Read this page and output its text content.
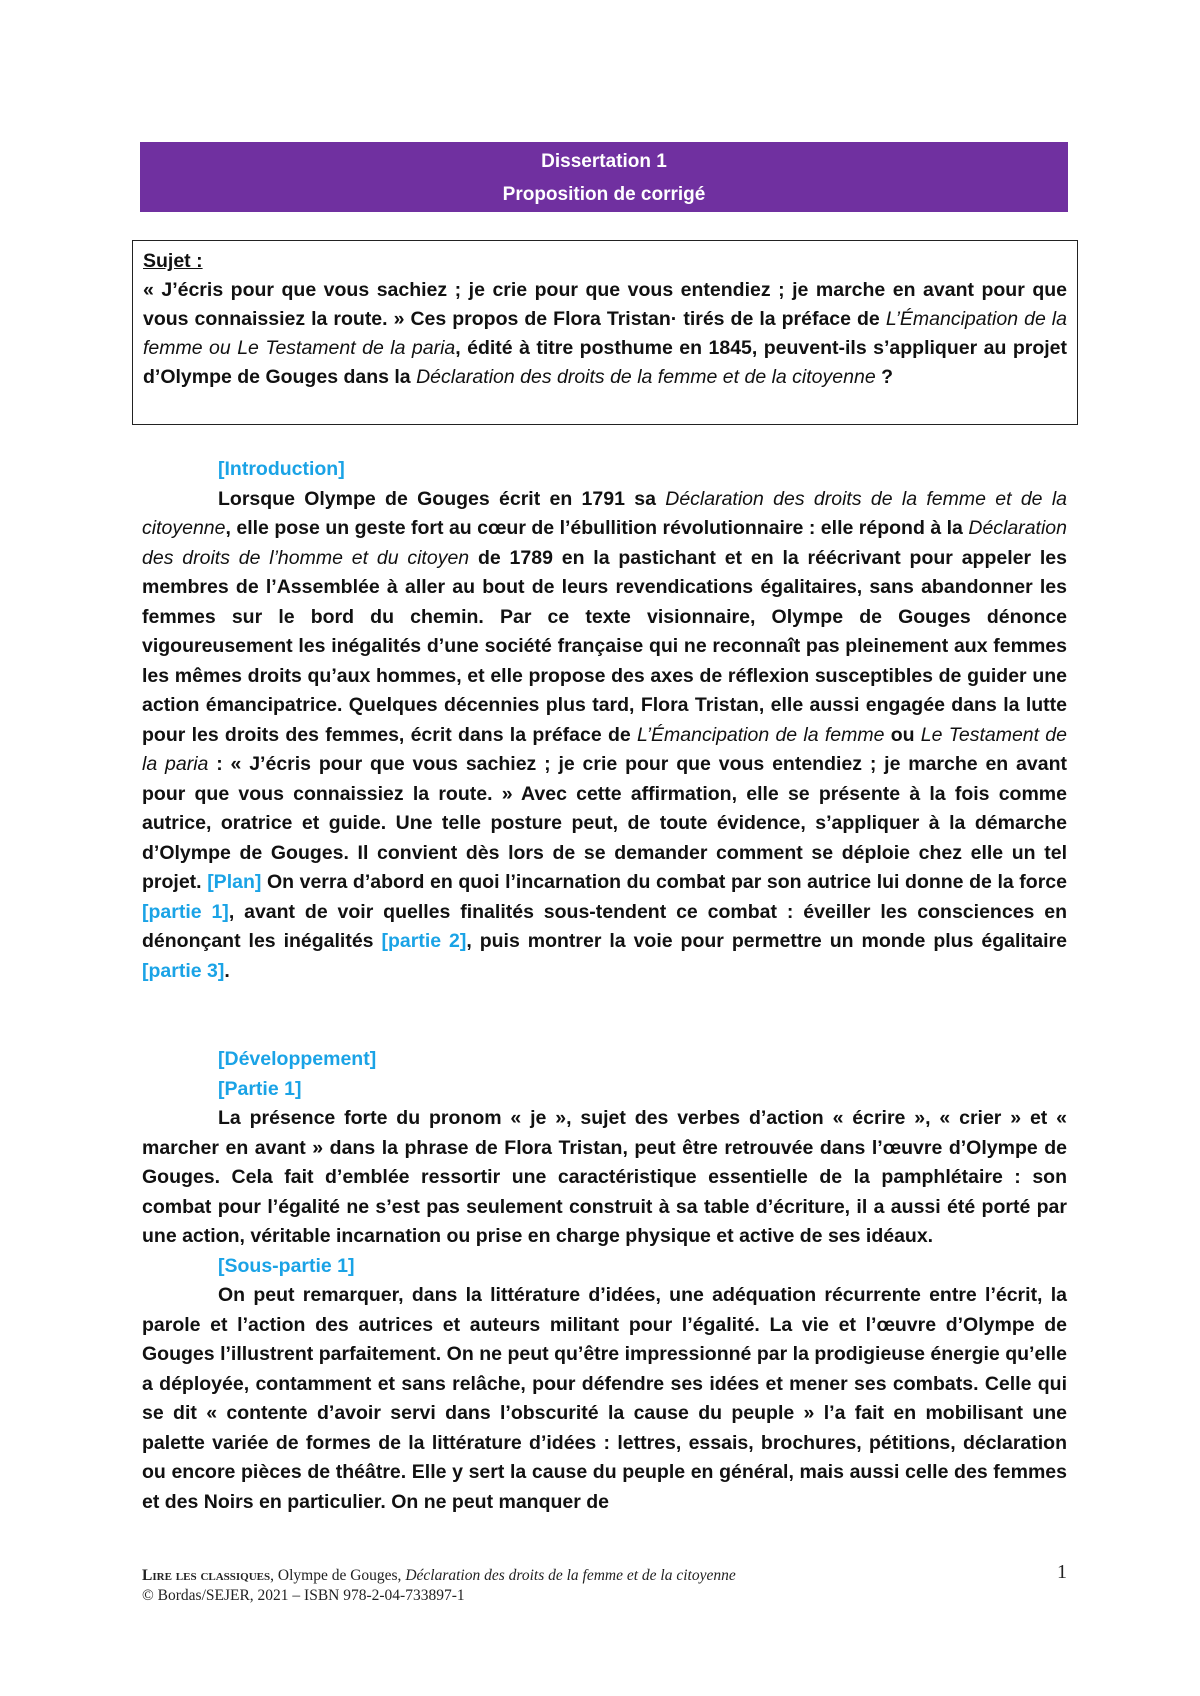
Dissertation 1
Proposition de corrigé
Sujet :
« J’écris pour que vous sachiez ; je crie pour que vous entendiez ; je marche en avant pour que vous connaissiez la route. » Ces propos de Flora Tristan· tirés de la préface de L’Émancipation de la femme ou Le Testament de la paria, édité à titre posthume en 1845, peuvent-ils s’appliquer au projet d’Olympe de Gouges dans la Déclaration des droits de la femme et de la citoyenne ?
[Introduction]

Lorsque Olympe de Gouges écrit en 1791 sa Déclaration des droits de la femme et de la citoyenne, elle pose un geste fort au cœur de l’ébullition révolutionnaire : elle répond à la Déclaration des droits de l’homme et du citoyen de 1789 en la pastichant et en la réécrivant pour appeler les membres de l’Assemblée à aller au bout de leurs revendications égalitaires, sans abandonner les femmes sur le bord du chemin. Par ce texte visionnaire, Olympe de Gouges dénonce vigoureusement les inégalités d’une société française qui ne reconnaît pas pleinement aux femmes les mêmes droits qu’aux hommes, et elle propose des axes de réflexion susceptibles de guider une action émancipatrice. Quelques décennies plus tard, Flora Tristan, elle aussi engagée dans la lutte pour les droits des femmes, écrit dans la préface de L’Émancipation de la femme ou Le Testament de la paria : « J’écris pour que vous sachiez ; je crie pour que vous entendiez ; je marche en avant pour que vous connaissiez la route. » Avec cette affirmation, elle se présente à la fois comme autrice, oratrice et guide. Une telle posture peut, de toute évidence, s’appliquer à la démarche d’Olympe de Gouges. Il convient dès lors de se demander comment se déploie chez elle un tel projet. [Plan] On verra d’abord en quoi l’incarnation du combat par son autrice lui donne de la force [partie 1], avant de voir quelles finalités sous-tendent ce combat : éveiller les consciences en dénonçant les inégalités [partie 2], puis montrer la voie pour permettre un monde plus égalitaire [partie 3].

[Développement]
[Partie 1]

La présence forte du pronom « je », sujet des verbes d’action « écrire », « crier » et « marcher en avant » dans la phrase de Flora Tristan, peut être retrouvée dans l’œuvre d’Olympe de Gouges. Cela fait d’emblée ressortir une caractéristique essentielle de la pamphlétaire : son combat pour l’égalité ne s’est pas seulement construit à sa table d’écriture, il a aussi été porté par une action, véritable incarnation ou prise en charge physique et active de ses idéaux.

[Sous-partie 1]

On peut remarquer, dans la littérature d’idées, une adéquation récurrente entre l’écrit, la parole et l’action des autrices et auteurs militant pour l’égalité. La vie et l’œuvre d’Olympe de Gouges l’illustrent parfaitement. On ne peut qu’être impressionné par la prodigieuse énergie qu’elle a déployée, contamment et sans relâche, pour défendre ses idées et mener ses combats. Celle qui se dit « contente d’avoir servi dans l’obscurité la cause du peuple » l’a fait en mobilisant une palette variée de formes de la littérature d’idées : lettres, essais, brochures, pétitions, déclaration ou encore pièces de théâtre. Elle y sert la cause du peuple en général, mais aussi celle des femmes et des Noirs en particulier. On ne peut manquer de

Lire les classiques, Olympe de Gouges, Déclaration des droits de la femme et de la citoyenne	1
© Bordas/SEJER, 2021 – ISBN 978-2-04-733897-1
